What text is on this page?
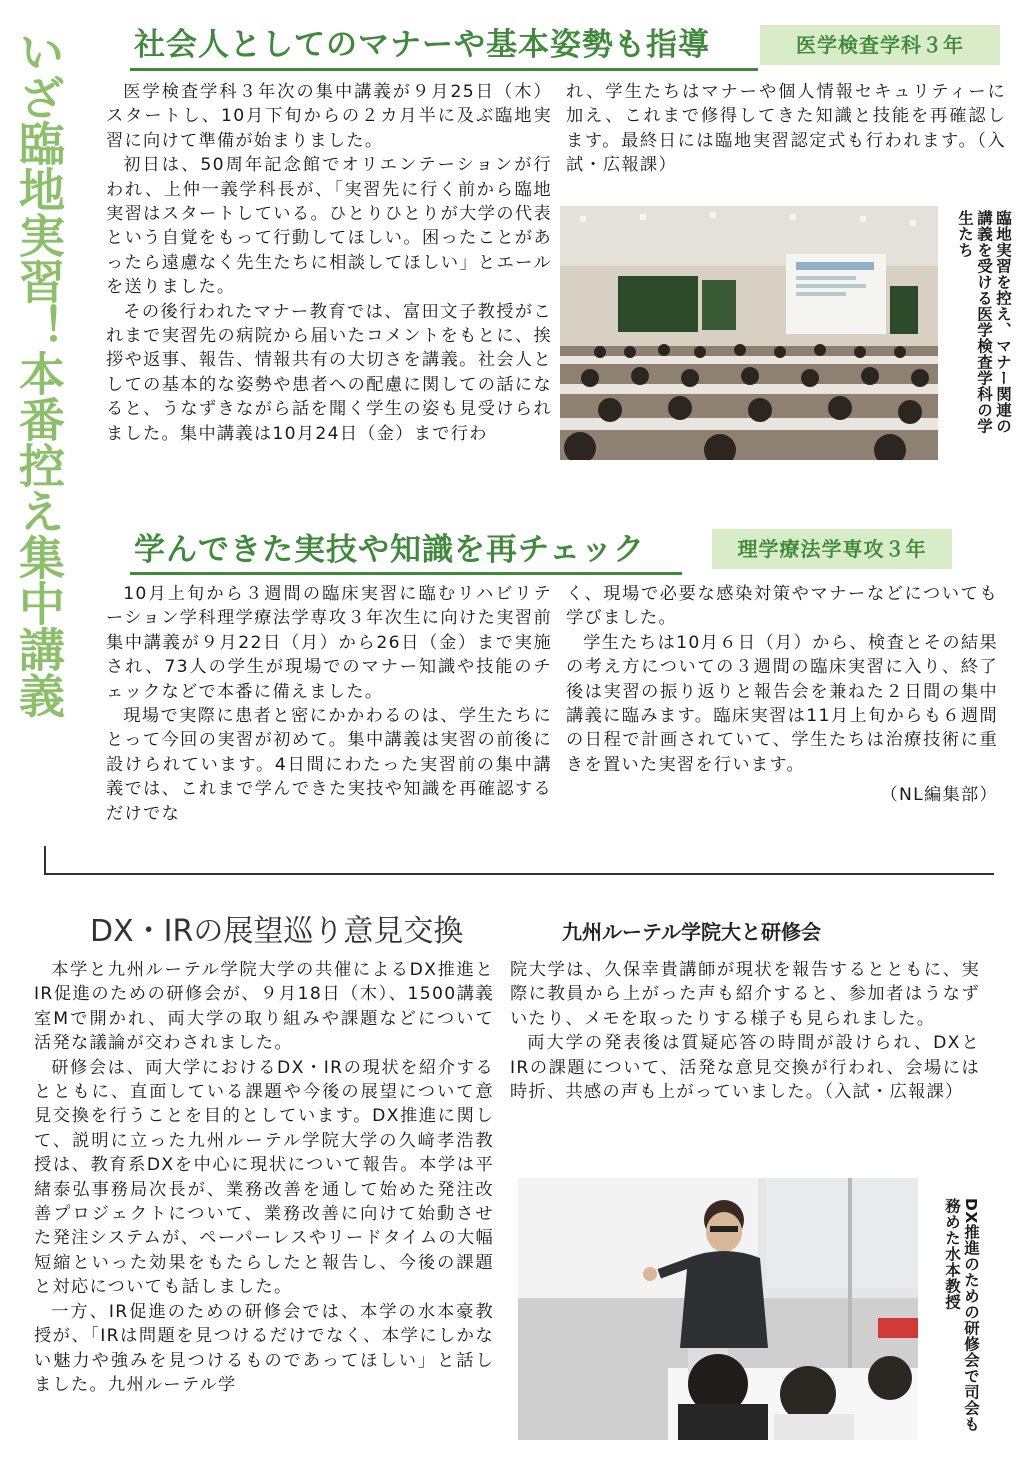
いざ臨地実習！本番控え集中講義 社会人としてのマナーや基本姿勢も指導	医学検査学科３年

医学検査学科３年次の集中講義が９月25日（木）スタートし、10月下旬からの２カ月半に及ぶ臨地実習に向けて準備が始まりました。

初日は、50周年記念館でオリエンテーションが行われ、上仲一義学科長が、「実習先に行く前から臨地実習はスタートしている。ひとりひとりが大学の代表という自覚をもって行動してほしい。困ったことがあったら遠慮なく先生たちに相談してほしい」とエールを送りました。

その後行われたマナー教育では、富田文子教授がこれまで実習先の病院から届いたコメントをもとに、挨拶や返事、報告、情報共有の大切さを講義。社会人としての基本的な姿勢や患者への配慮に関しての話になると、うなずきながら話を聞く学生の姿も見受けられました。集中講義は10月24日（金）まで行わ

れ、学生たちはマナーや個人情報セキュリティーに加え、これまで修得してきた知識と技能を再確認します。最終日には臨地実習認定式も行われます。（入試・広報課）

臨地実習を控え、マナー関連の講義を受ける医学検査学科の学生たち
学んできた実技や知識を再チェック	理学療法学専攻３年

10月上旬から３週間の臨床実習に臨むリハビリテーション学科理学療法学専攻３年次生に向けた実習前集中講義が９月22日（月）から26日（金）まで実施され、73人の学生が現場でのマナー知識や技能のチェックなどで本番に備えました。

現場で実際に患者と密にかかわるのは、学生たちにとって今回の実習が初めて。集中講義は実習の前後に設けられています。4日間にわたった実習前の集中講義では、これまで学んできた実技や知識を再確認するだけでな

く、現場で必要な感染対策やマナーなどについても学びました。

学生たちは10月６日（月）から、検査とその結果の考え方についての３週間の臨床実習に入り、終了後は実習の振り返りと報告会を兼ねた２日間の集中講義に臨みます。臨床実習は11月上旬からも６週間の日程で計画されていて、学生たちは治療技術に重きを置いた実習を行います。

（NL編集部）

DX・IRの展望巡り意見交換	九州ルーテル学院大と研修会

本学と九州ルーテル学院大学の共催によるDX推進とIR促進のための研修会が、９月18日（木）、1500講義室Mで開かれ、両大学の取り組みや課題などについて活発な議論が交わされました。

研修会は、両大学におけるDX・IRの現状を紹介するとともに、直面している課題や今後の展望について意見交換を行うことを目的としています。DX推進に関して、説明に立った九州ルーテル学院大学の久﨑孝浩教授は、教育系DXを中心に現状について報告。本学は平緒泰弘事務局次長が、業務改善を通して始めた発注改善プロジェクトについて、業務改善に向けて始動させた発注システムが、ペーパーレスやリードタイムの大幅短縮といった効果をもたらしたと報告し、今後の課題と対応についても話しました。

一方、IR促進のための研修会では、本学の水本豪教授が、「IRは問題を見つけるだけでなく、本学にしかない魅力や強みを見つけるものであってほしい」と話しました。九州ルーテル学

院大学は、久保幸貴講師が現状を報告するとともに、実際に教員から上がった声も紹介すると、参加者はうなずいたり、メモを取ったりする様子も見られました。

両大学の発表後は質疑応答の時間が設けられ、DXとIRの課題について、活発な意見交換が行われ、会場には時折、共感の声も上がっていました。（入試・広報課）

DX推進のための研修会で司会も務めた水本教授
